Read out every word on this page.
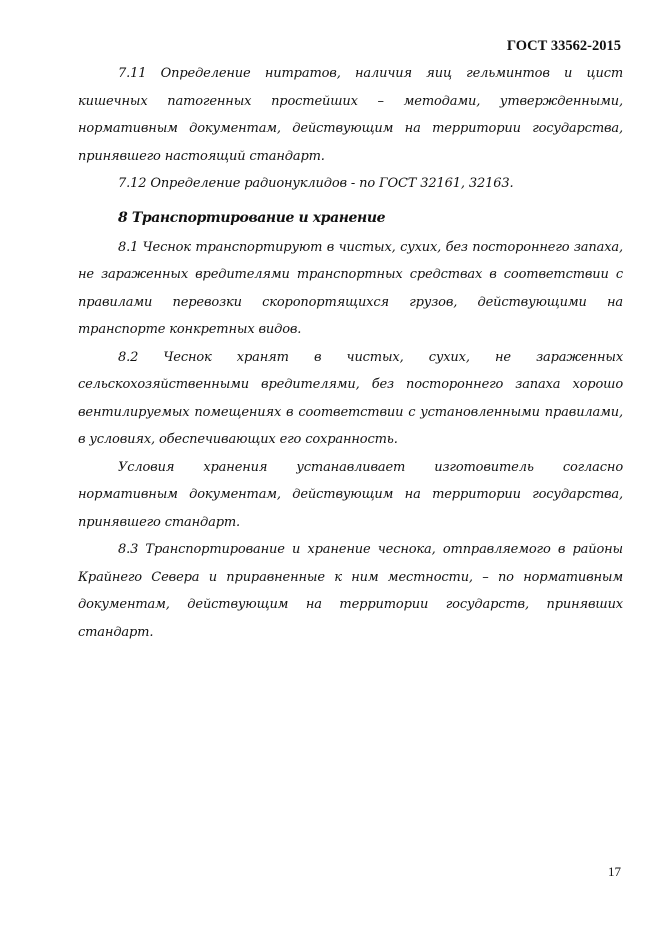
ГОСТ 33562-2015

7.11 Определение нитратов, наличия яиц гельминтов и цист кишечных патогенных простейших – методами, утвержденными, нормативным документам, действующим на территории государства, принявшего настоящий стандарт.

7.12 Определение радионуклидов - по ГОСТ 32161, 32163.

8 Транспортирование и хранение

8.1 Чеснок транспортируют в чистых, сухих, без постороннего запаха, не зараженных вредителями транспортных средствах в соответствии с правилами перевозки скоропортящихся грузов, действующими на транспорте конкретных видов.

8.2 Чеснок хранят в чистых, сухих, не зараженных сельскохозяйственными вредителями, без постороннего запаха хорошо вентилируемых помещениях в соответствии с установленными правилами, в условиях, обеспечивающих его сохранность.

Условия хранения устанавливает изготовитель согласно нормативным документам, действующим на территории государства, принявшего стандарт.

8.3 Транспортирование и хранение чеснока, отправляемого в районы Крайнего Севера и приравненные к ним местности, – по нормативным документам, действующим на территории государств, принявших стандарт.

17
